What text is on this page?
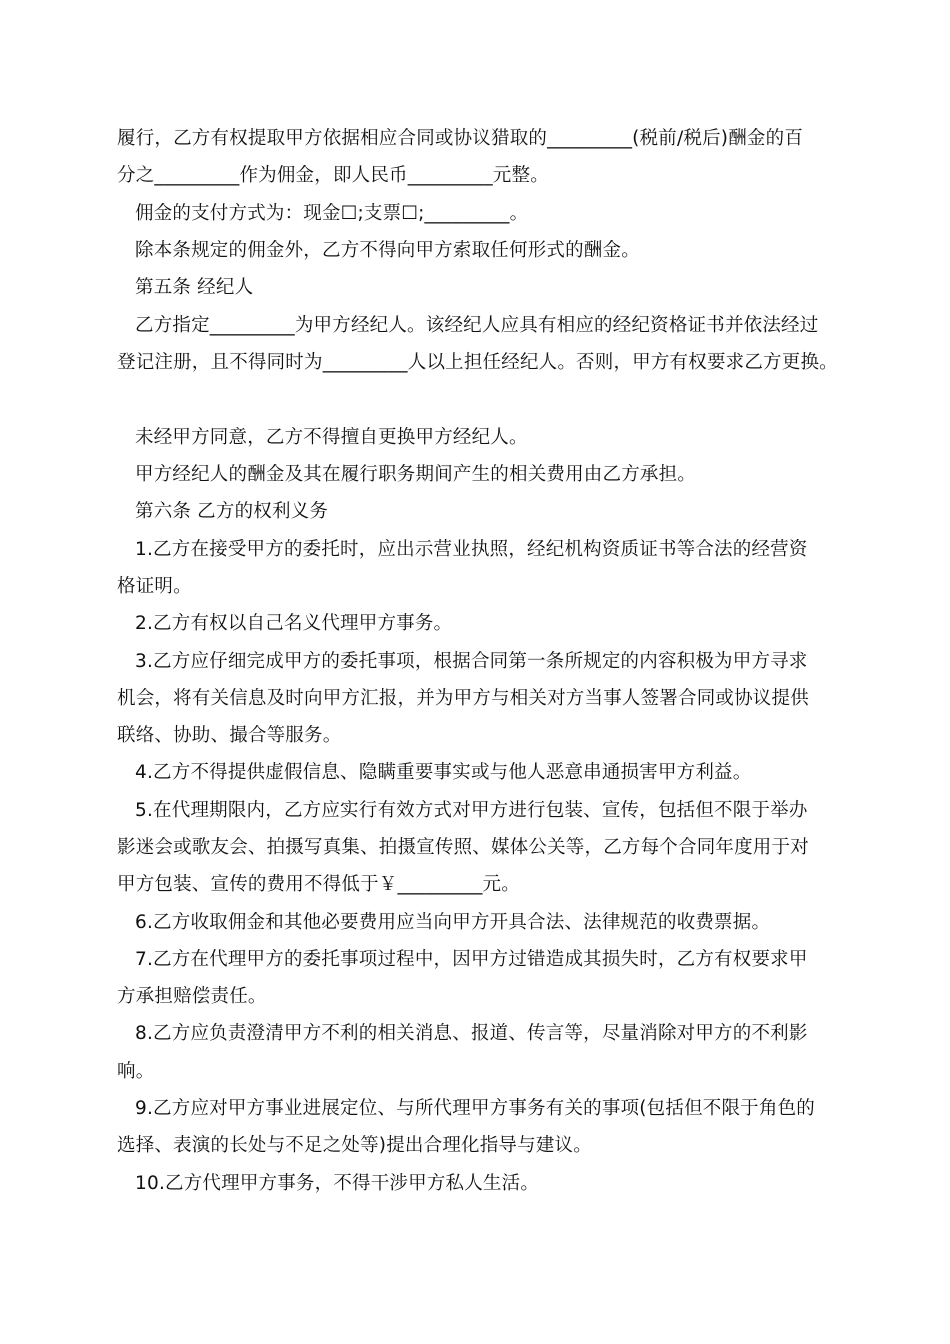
履行，乙方有权提取甲方依据相应合同或协议猎取的_________(税前/税后)酬金的百
分之_________作为佣金，即人民币_________元整。
佣金的支付方式为：现金☐;支票☐;_________。
除本条规定的佣金外，乙方不得向甲方索取任何形式的酬金。
第五条 经纪人
乙方指定_________为甲方经纪人。该经纪人应具有相应的经纪资格证书并依法经过
登记注册，且不得同时为_________人以上担任经纪人。否则，甲方有权要求乙方更换。
未经甲方同意，乙方不得擅自更换甲方经纪人。
甲方经纪人的酬金及其在履行职务期间产生的相关费用由乙方承担。
第六条 乙方的权利义务
1.乙方在接受甲方的委托时，应出示营业执照，经纪机构资质证书等合法的经营资
格证明。
2.乙方有权以自己名义代理甲方事务。
3.乙方应仔细完成甲方的委托事项，根据合同第一条所规定的内容积极为甲方寻求
机会，将有关信息及时向甲方汇报，并为甲方与相关对方当事人签署合同或协议提供
联络、协助、撮合等服务。
4.乙方不得提供虚假信息、隐瞒重要事实或与他人恶意串通损害甲方利益。
5.在代理期限内，乙方应实行有效方式对甲方进行包装、宣传，包括但不限于举办
影迷会或歌友会、拍摄写真集、拍摄宣传照、媒体公关等，乙方每个合同年度用于对
甲方包装、宣传的费用不得低于￥_________元。
6.乙方收取佣金和其他必要费用应当向甲方开具合法、法律规范的收费票据。
7.乙方在代理甲方的委托事项过程中，因甲方过错造成其损失时，乙方有权要求甲
方承担赔偿责任。
8.乙方应负责澄清甲方不利的相关消息、报道、传言等，尽量消除对甲方的不利影
响。
9.乙方应对甲方事业进展定位、与所代理甲方事务有关的事项(包括但不限于角色的
选择、表演的长处与不足之处等)提出合理化指导与建议。
10.乙方代理甲方事务，不得干涉甲方私人生活。
